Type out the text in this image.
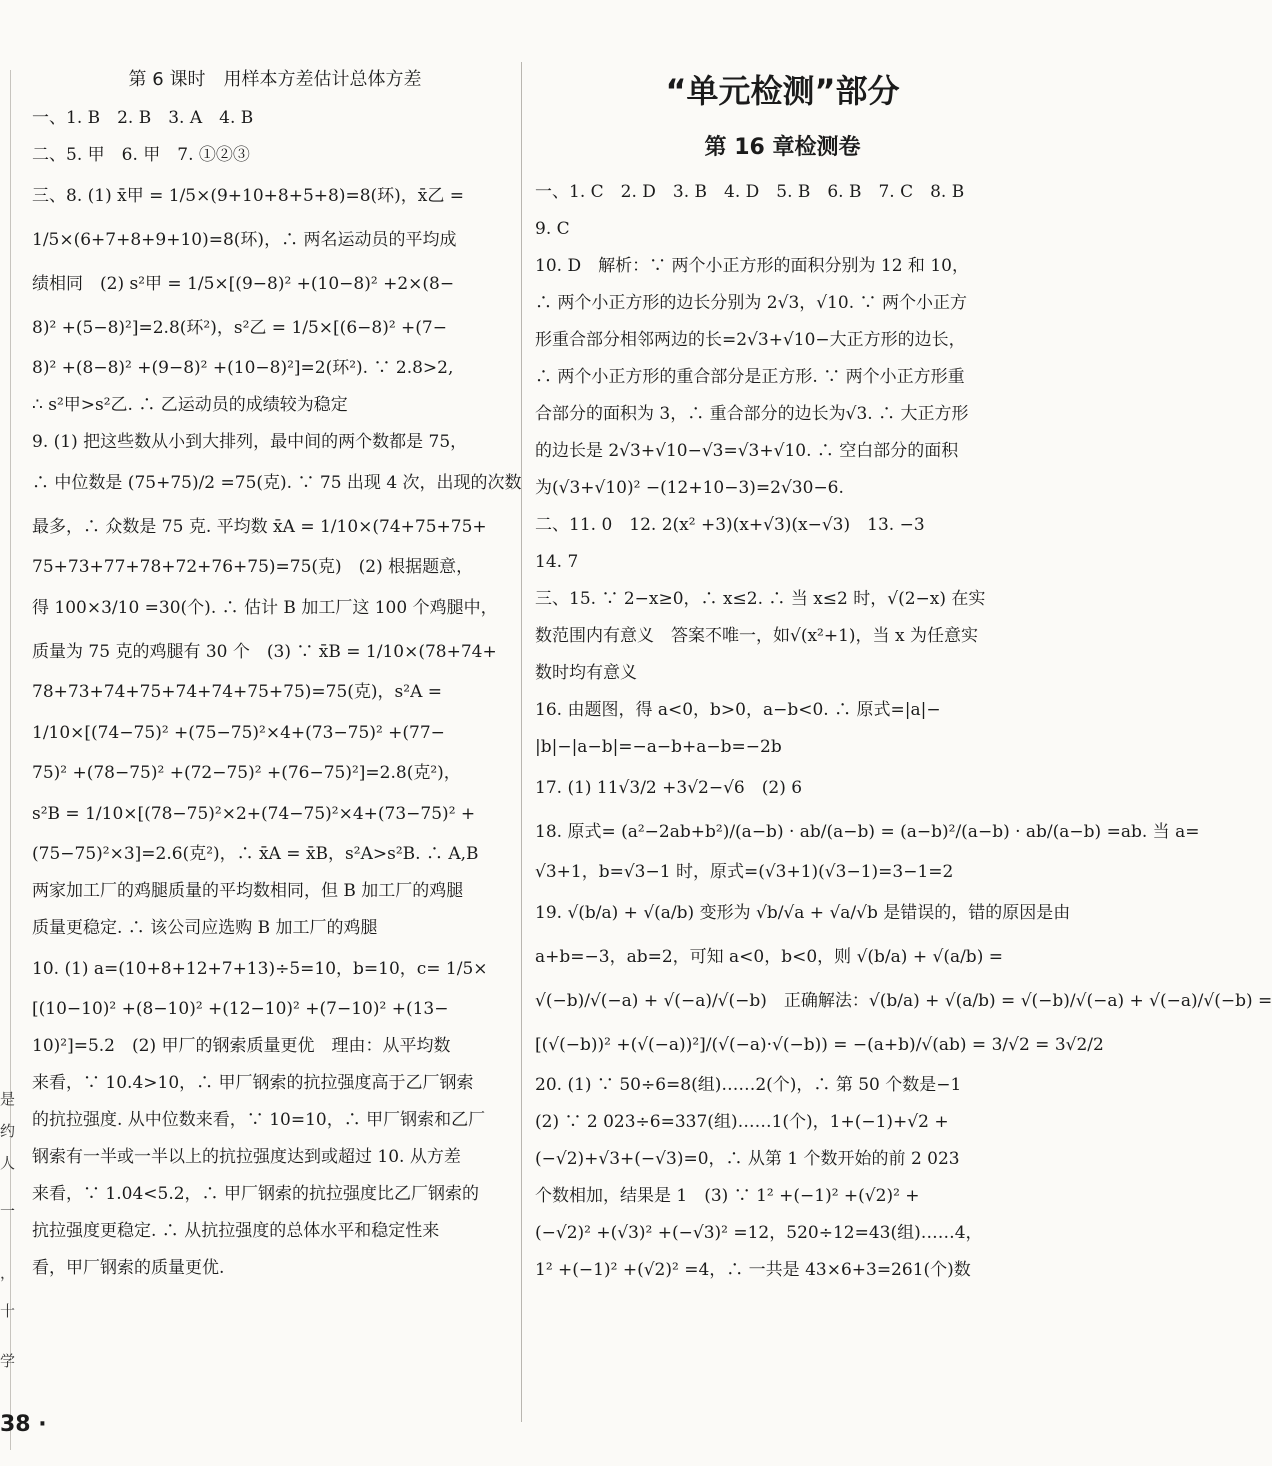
是
约
人
一
，
十
学
第 6 课时　用样本方差估计总体方差
一、1. B　2. B　3. A　4. B
二、5. 甲　6. 甲　7. ①②③
三、8. (1) x̄甲 = 1/5×(9+10+8+5+8)=8(环)，x̄乙 =
1/5×(6+7+8+9+10)=8(环)，∴ 两名运动员的平均成
绩相同　(2) s²甲 = 1/5×[(9−8)² +(10−8)² +2×(8−
8)² +(5−8)²]=2.8(环²)，s²乙 = 1/5×[(6−8)² +(7−
8)² +(8−8)² +(9−8)² +(10−8)²]=2(环²). ∵ 2.8>2,
∴ s²甲>s²乙. ∴ 乙运动员的成绩较为稳定
9. (1) 把这些数从小到大排列，最中间的两个数都是 75，
∴ 中位数是 (75+75)/2 =75(克). ∵ 75 出现 4 次，出现的次数
最多，∴ 众数是 75 克. 平均数 x̄A = 1/10×(74+75+75+
75+73+77+78+72+76+75)=75(克)　(2) 根据题意，
得 100×3/10 =30(个). ∴ 估计 B 加工厂这 100 个鸡腿中，
质量为 75 克的鸡腿有 30 个　(3) ∵ x̄B = 1/10×(78+74+
78+73+74+75+74+74+75+75)=75(克)，s²A =
1/10×[(74−75)² +(75−75)²×4+(73−75)² +(77−
75)² +(78−75)² +(72−75)² +(76−75)²]=2.8(克²)，
s²B = 1/10×[(78−75)²×2+(74−75)²×4+(73−75)² +
(75−75)²×3]=2.6(克²)，∴ x̄A = x̄B，s²A>s²B. ∴ A,B
两家加工厂的鸡腿质量的平均数相同，但 B 加工厂的鸡腿
质量更稳定. ∴ 该公司应选购 B 加工厂的鸡腿
10. (1) a=(10+8+12+7+13)÷5=10，b=10，c= 1/5×
[(10−10)² +(8−10)² +(12−10)² +(7−10)² +(13−
10)²]=5.2　(2) 甲厂的钢索质量更优　理由：从平均数
来看，∵ 10.4>10，∴ 甲厂钢索的抗拉强度高于乙厂钢索
的抗拉强度. 从中位数来看，∵ 10=10，∴ 甲厂钢索和乙厂
钢索有一半或一半以上的抗拉强度达到或超过 10. 从方差
来看，∵ 1.04<5.2，∴ 甲厂钢索的抗拉强度比乙厂钢索的
抗拉强度更稳定. ∴ 从抗拉强度的总体水平和稳定性来
看，甲厂钢索的质量更优.
“单元检测”部分
第 16 章检测卷
一、1. C　2. D　3. B　4. D　5. B　6. B　7. C　8. B
9. C
10. D　解析：∵ 两个小正方形的面积分别为 12 和 10，
∴ 两个小正方形的边长分别为 2√3，√10. ∵ 两个小正方
形重合部分相邻两边的长=2√3+√10−大正方形的边长，
∴ 两个小正方形的重合部分是正方形. ∵ 两个小正方形重
合部分的面积为 3，∴ 重合部分的边长为√3. ∴ 大正方形
的边长是 2√3+√10−√3=√3+√10. ∴ 空白部分的面积
为(√3+√10)² −(12+10−3)=2√30−6.
二、11. 0　12. 2(x² +3)(x+√3)(x−√3)　13. −3
14. 7
三、15. ∵ 2−x≥0，∴ x≤2. ∴ 当 x≤2 时，√(2−x) 在实
数范围内有意义　答案不唯一，如√(x²+1)，当 x 为任意实
数时均有意义
16. 由题图，得 a<0，b>0，a−b<0. ∴ 原式=|a|−
|b|−|a−b|=−a−b+a−b=−2b
17. (1) 11√3/2 +3√2−√6　(2) 6
18. 原式= (a²−2ab+b²)/(a−b) · ab/(a−b) = (a−b)²/(a−b) · ab/(a−b) =ab. 当 a=
√3+1，b=√3−1 时，原式=(√3+1)(√3−1)=3−1=2
19. √(b/a) + √(a/b) 变形为 √b/√a + √a/√b 是错误的，错的原因是由
a+b=−3，ab=2，可知 a<0，b<0，则 √(b/a) + √(a/b) =
√(−b)/√(−a) + √(−a)/√(−b)　正确解法：√(b/a) + √(a/b) = √(−b)/√(−a) + √(−a)/√(−b) =
[(√(−b))² +(√(−a))²]/(√(−a)·√(−b)) = −(a+b)/√(ab) = 3/√2 = 3√2/2
20. (1) ∵ 50÷6=8(组)……2(个)，∴ 第 50 个数是−1
(2) ∵ 2 023÷6=337(组)……1(个)，1+(−1)+√2 +
(−√2)+√3+(−√3)=0，∴ 从第 1 个数开始的前 2 023
个数相加，结果是 1　(3) ∵ 1² +(−1)² +(√2)² +
(−√2)² +(√3)² +(−√3)² =12，520÷12=43(组)……4，
1² +(−1)² +(√2)² =4，∴ 一共是 43×6+3=261(个)数
38 ·
